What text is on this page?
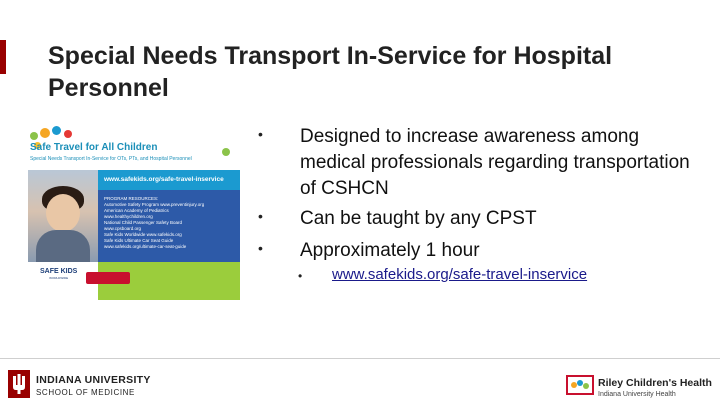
Special Needs Transport In-Service for Hospital Personnel
Safe Travel for All Children
Special Needs Transport In-Service for OTs, PTs, and Hospital Personnel
www.safekids.org/safe-travel-inservice
PROGRAM RESOURCES:
Automotive Safety Program www.preventinjury.org
American Academy of Pediatrics
www.healthychildren.org
National Child Passenger Safety Board
www.cpsboard.org
Safe Kids Worldwide www.safekids.org
Safe Kids Ultimate Car Seat Guide
www.safekids.org/ultimate-car-seat-guide
SAFE KIDS
WORLDWIDE
• Designed to increase awareness among medical professionals regarding transportation of CSHCN
• Can be taught by any CPST
• Approximately 1 hour
• www.safekids.org/safe-travel-inservice
INDIANA UNIVERSITY
SCHOOL OF MEDICINE
Riley Children's Health
Indiana University Health
